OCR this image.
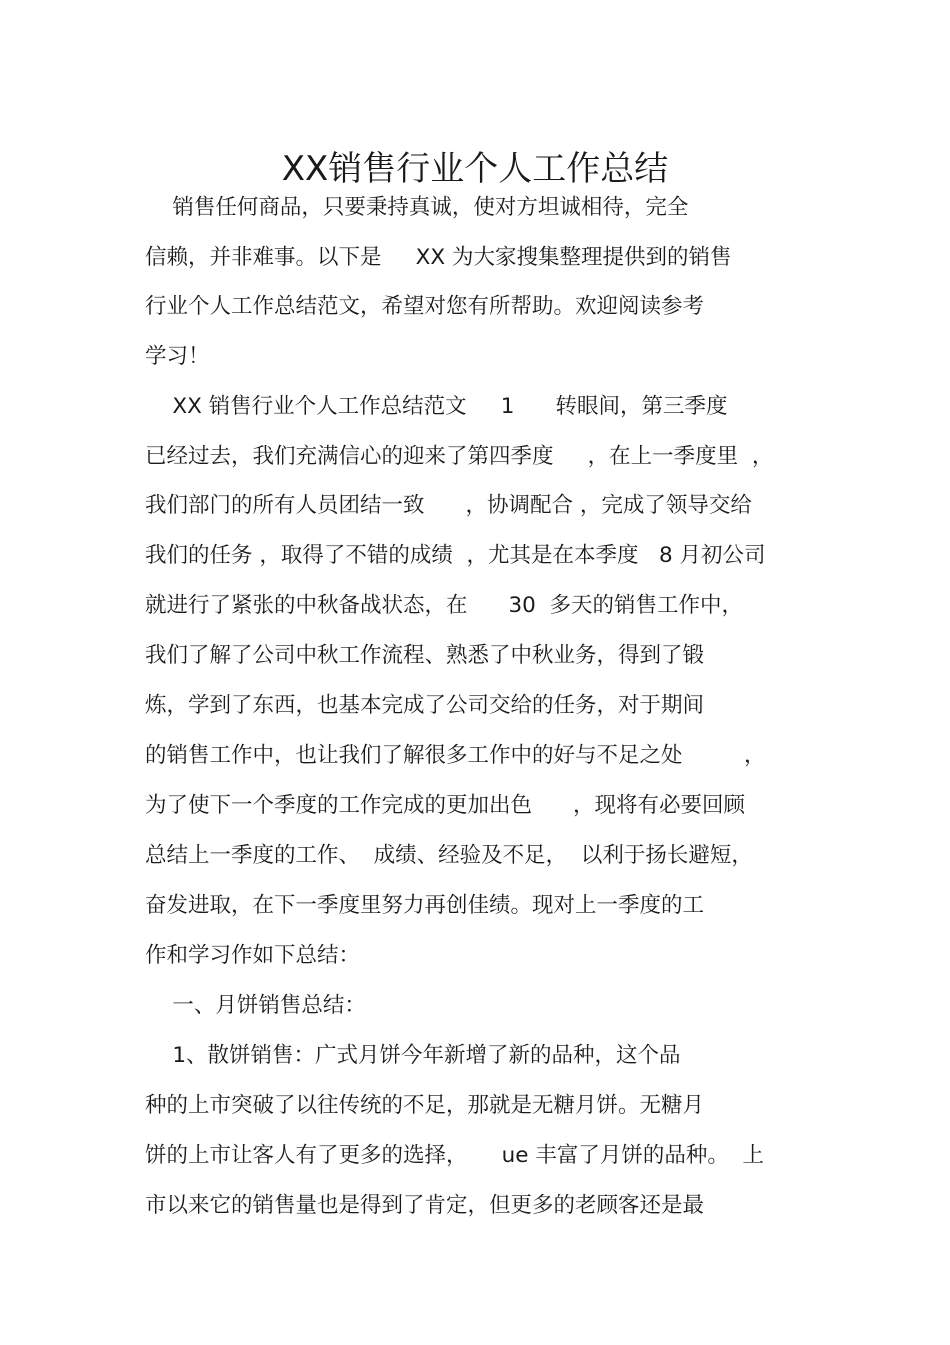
XX销售行业个人工作总结
销售任何商品，只要秉持真诚，使对方坦诚相待，完全
信赖，并非难事。以下是     XX 为大家搜集整理提供到的销售
行业个人工作总结范文，希望对您有所帮助。欢迎阅读参考
学习！
XX 销售行业个人工作总结范文     1      转眼间，第三季度
已经过去，我们充满信心的迎来了第四季度     ，在上一季度里  ，
我们部门的所有人员团结一致      ，协调配合 ，完成了领导交给
我们的任务 ，取得了不错的成绩  ，尤其是在本季度   8 月初公司
就进行了紧张的中秋备战状态，在      30  多天的销售工作中，
我们了解了公司中秋工作流程、熟悉了中秋业务，得到了锻
炼，学到了东西，也基本完成了公司交给的任务，对于期间
的销售工作中，也让我们了解很多工作中的好与不足之处         ，
为了使下一个季度的工作完成的更加出色      ，现将有必要回顾
总结上一季度的工作、  成绩、经验及不足，  以利于扬长避短，
奋发进取，在下一季度里努力再创佳绩。现对上一季度的工
作和学习作如下总结：
一、月饼销售总结：
1、散饼销售：广式月饼今年新增了新的品种，这个品
种的上市突破了以往传统的不足，那就是无糖月饼。无糖月
饼的上市让客人有了更多的选择，     ue 丰富了月饼的品种。  上
市以来它的销售量也是得到了肯定，但更多的老顾客还是最
